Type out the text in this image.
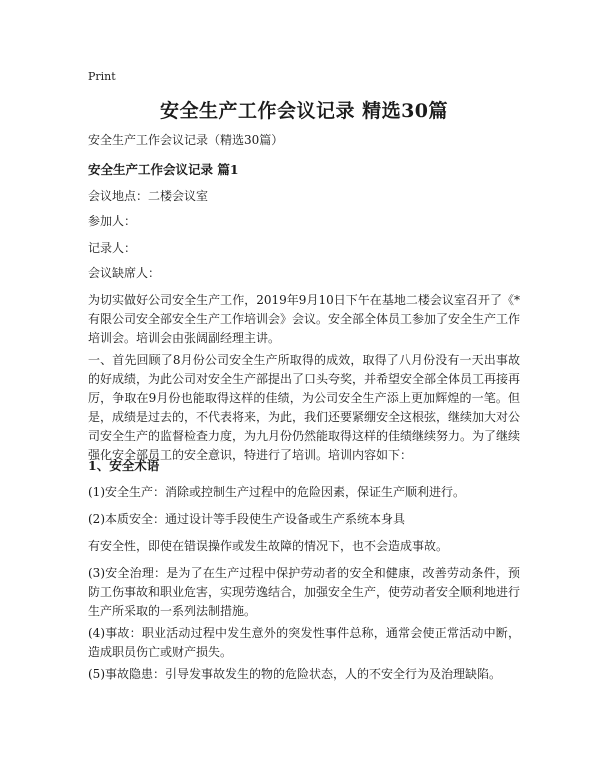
Print
安全生产工作会议记录 精选30篇
安全生产工作会议记录（精选30篇）
安全生产工作会议记录 篇1
会议地点：二楼会议室
参加人：
记录人：
会议缺席人：
为切实做好公司安全生产工作，2019年9月10日下午在基地二楼会议室召开了《*有限公司安全部安全生产工作培训会》会议。安全部全体员工参加了安全生产工作培训会。培训会由张阔副经理主讲。
一、首先回顾了8月份公司安全生产所取得的成效，取得了八月份没有一天出事故的好成绩，为此公司对安全生产部提出了口头夸奖，并希望安全部全体员工再接再厉，争取在9月份也能取得这样的佳绩，为公司安全生产添上更加辉煌的一笔。但是，成绩是过去的，不代表将来，为此，我们还要紧绷安全这根弦，继续加大对公司安全生产的监督检查力度，为九月份仍然能取得这样的佳绩继续努力。为了继续强化安全部员工的安全意识，特进行了培训。培训内容如下：
1、安全术语
(1)安全生产：消除或控制生产过程中的危险因素，保证生产顺利进行。
(2)本质安全：通过设计等手段使生产设备或生产系统本身具
有安全性，即使在错误操作或发生故障的情况下，也不会造成事故。
(3)安全治理：是为了在生产过程中保护劳动者的安全和健康，改善劳动条件，预防工伤事故和职业危害，实现劳逸结合，加强安全生产，使劳动者安全顺利地进行生产所采取的一系列法制措施。
(4)事故：职业活动过程中发生意外的突发性事件总称，通常会使正常活动中断，造成职员伤亡或财产损失。
(5)事故隐患：引导发事故发生的物的危险状态，人的不安全行为及治理缺陷。
